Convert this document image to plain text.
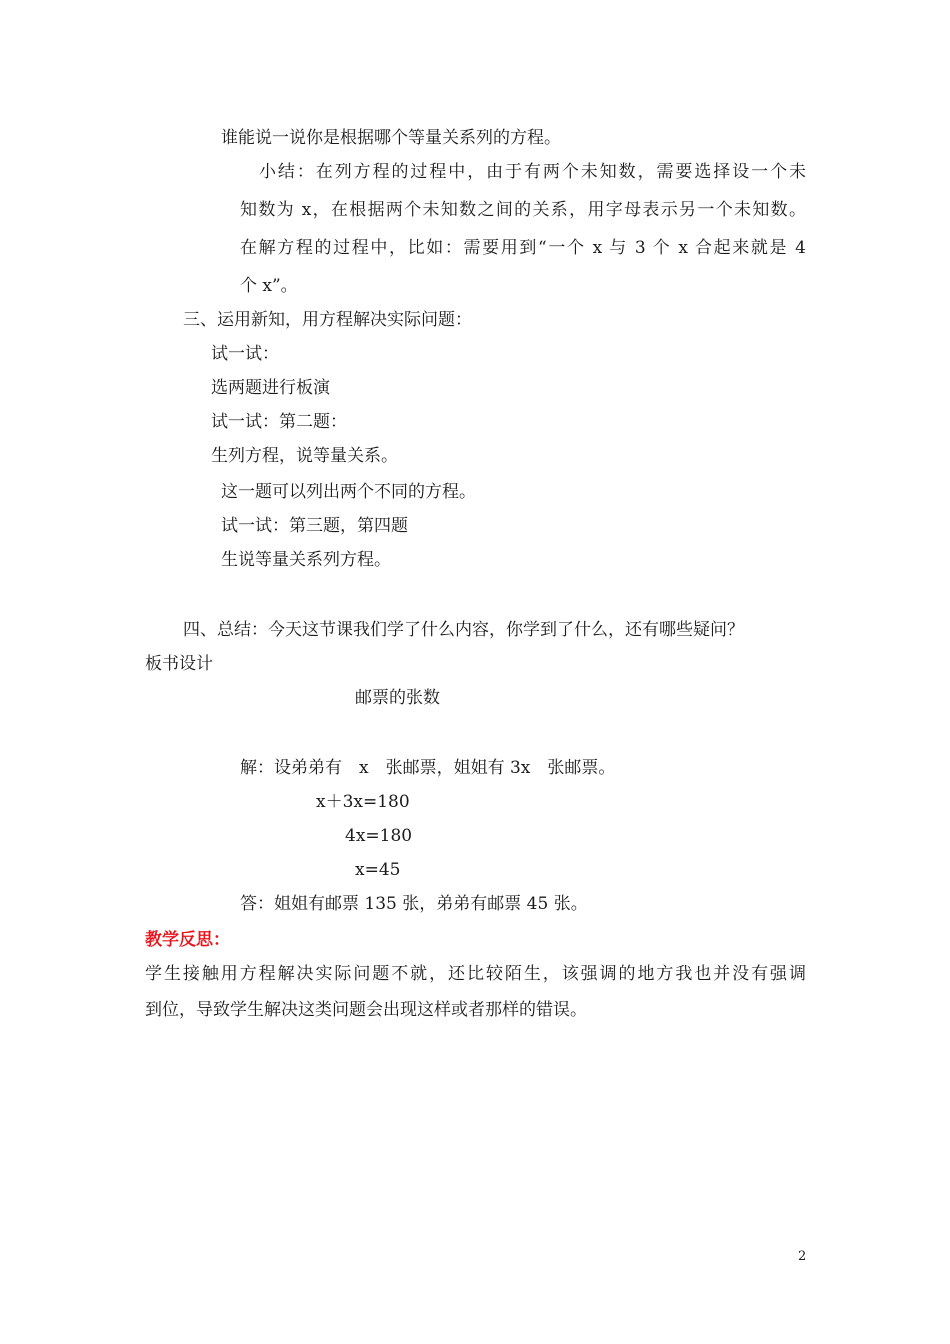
谁能说一说你是根据哪个等量关系列的方程。
小结：在列方程的过程中，由于有两个未知数，需要选择设一个未
知数为 x，在根据两个未知数之间的关系，用字母表示另一个未知数。
在解方程的过程中，比如：需要用到“一个 x 与 3 个 x 合起来就是 4
个 x”。
三、运用新知，用方程解决实际问题：
试一试：
选两题进行板演
试一试：第二题：
生列方程，说等量关系。
这一题可以列出两个不同的方程。
试一试：第三题，第四题
生说等量关系列方程。
四、总结：今天这节课我们学了什么内容，你学到了什么，还有哪些疑问？
板书设计
邮票的张数
解：设弟弟有　x　张邮票，姐姐有 3x　张邮票。
x＋3x=180
4x=180
x=45
答：姐姐有邮票 135 张，弟弟有邮票 45 张。
教学反思：
学生接触用方程解决实际问题不就，还比较陌生，该强调的地方我也并没有强调
到位，导致学生解决这类问题会出现这样或者那样的错误。
2
